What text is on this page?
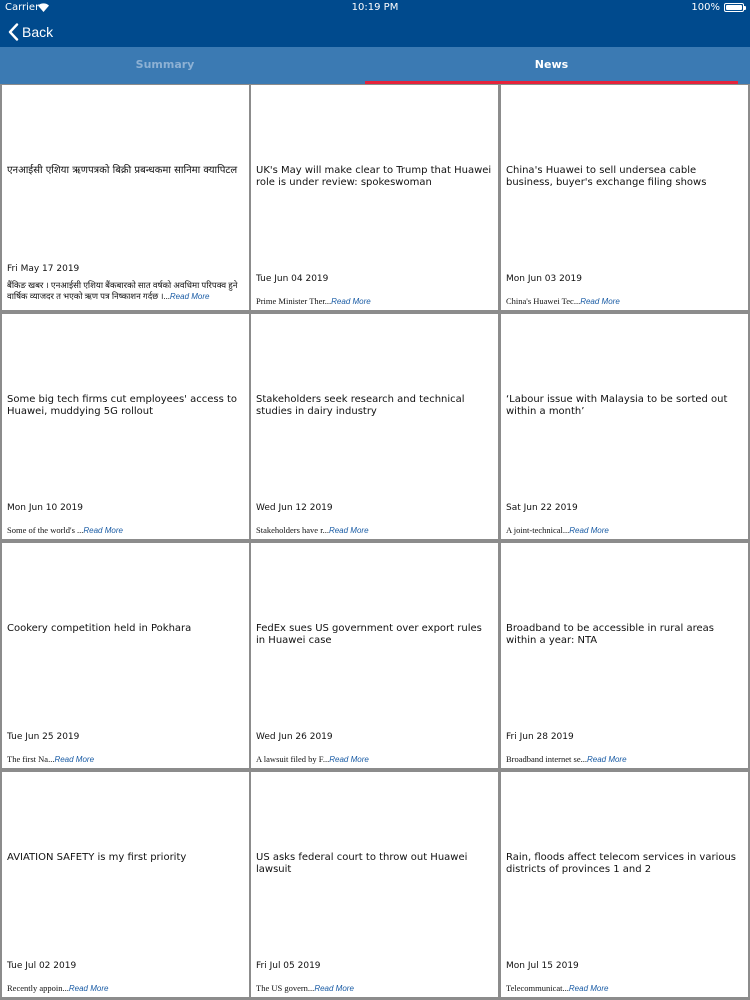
Carrier	10:19 PM	100%
Back
Summary	News
एनआईसी एशिया ऋणपत्रको बिक्री प्रबन्धकमा सानिमा क्यापिटल
Fri May 17 2019
बैंकिङ खबर । एनआईसी एशिया बैंकबारको सात वर्षको अवधिमा परिपक्व हुने वार्षिक व्याजदर त भएको ऋण पत्र निष्काशन गर्दछ ।...Read More
UK's May will make clear to Trump that Huawei role is under review: spokeswoman
Tue Jun 04 2019
Prime Minister Ther...Read More
China's Huawei to sell undersea cable business, buyer's exchange filing shows
Mon Jun 03 2019
China's Huawei Tec...Read More
Some big tech firms cut employees' access to Huawei, muddying 5G rollout
Mon Jun 10 2019
Some of the world's ...Read More
Stakeholders seek research and technical studies in dairy industry
Wed Jun 12 2019
Stakeholders have r...Read More
‘Labour issue with Malaysia to be sorted out within a month’
Sat Jun 22 2019
A joint-technical...Read More
Cookery competition held in Pokhara
Tue Jun 25 2019
The first Na...Read More
FedEx sues US government over export rules in Huawei case
Wed Jun 26 2019
A lawsuit filed by F...Read More
Broadband to be accessible in rural areas within a year: NTA
Fri Jun 28 2019
Broadband internet se...Read More
AVIATION SAFETY is my first priority
Tue Jul 02 2019
Recently appoin...Read More
US asks federal court to throw out Huawei lawsuit
Fri Jul 05 2019
The US govern...Read More
Rain, floods affect telecom services in various districts of provinces 1 and 2
Mon Jul 15 2019
Telecommunicat...Read More
